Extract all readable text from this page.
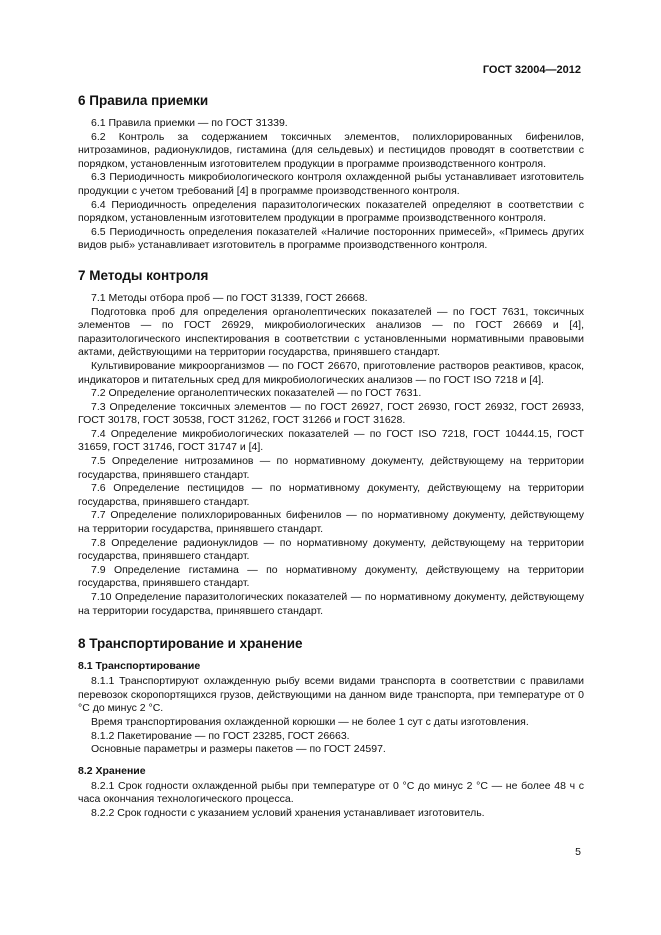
ГОСТ 32004—2012
6 Правила приемки

6.1 Правила приемки — по ГОСТ 31339.

6.2 Контроль за содержанием токсичных элементов, полихлорированных бифенилов, нитрозаминов, радионуклидов, гистамина (для сельдевых) и пестицидов проводят в соответствии с порядком, установленным изготовителем продукции в программе производственного контроля.

6.3 Периодичность микробиологического контроля охлажденной рыбы устанавливает изготовитель продукции с учетом требований [4] в программе производственного контроля.

6.4 Периодичность определения паразитологических показателей определяют в соответствии с порядком, установленным изготовителем продукции в программе производственного контроля.

6.5 Периодичность определения показателей «Наличие посторонних примесей», «Примесь других видов рыб» устанавливает изготовитель в программе производственного контроля.

7 Методы контроля

7.1 Методы отбора проб — по ГОСТ 31339, ГОСТ 26668.

Подготовка проб для определения органолептических показателей — по ГОСТ 7631, токсичных элементов — по ГОСТ 26929, микробиологических анализов — по ГОСТ 26669 и [4], паразитологического инспектирования в соответствии с установленными нормативными правовыми актами, действующими на территории государства, принявшего стандарт.

Культивирование микроорганизмов — по ГОСТ 26670, приготовление растворов реактивов, красок, индикаторов и питательных сред для микробиологических анализов — по ГОСТ ISO 7218 и [4].

7.2 Определение органолептических показателей — по ГОСТ 7631.

7.3 Определение токсичных элементов — по ГОСТ 26927, ГОСТ 26930, ГОСТ 26932, ГОСТ 26933, ГОСТ 30178, ГОСТ 30538, ГОСТ 31262, ГОСТ 31266 и ГОСТ 31628.

7.4 Определение микробиологических показателей — по ГОСТ ISO 7218, ГОСТ 10444.15, ГОСТ 31659, ГОСТ 31746, ГОСТ 31747 и [4].

7.5 Определение нитрозаминов — по нормативному документу, действующему на территории государства, принявшего стандарт.

7.6 Определение пестицидов — по нормативному документу, действующему на территории государства, принявшего стандарт.

7.7 Определение полихлорированных бифенилов — по нормативному документу, действующему на территории государства, принявшего стандарт.

7.8 Определение радионуклидов — по нормативному документу, действующему на территории государства, принявшего стандарт.

7.9 Определение гистамина — по нормативному документу, действующему на территории государства, принявшего стандарт.

7.10 Определение паразитологических показателей — по нормативному документу, действующему на территории государства, принявшего стандарт.

8 Транспортирование и хранение
8.1 Транспортирование

8.1.1 Транспортируют охлажденную рыбу всеми видами транспорта в соответствии с правилами перевозок скоропортящихся грузов, действующими на данном виде транспорта, при температуре от 0 °С до минус 2 °С.

Время транспортирования охлажденной корюшки — не более 1 сут с даты изготовления.

8.1.2 Пакетирование — по ГОСТ 23285, ГОСТ 26663.

Основные параметры и размеры пакетов — по ГОСТ 24597.

8.2 Хранение

8.2.1 Срок годности охлажденной рыбы при температуре от 0 °С до минус 2 °С — не более 48 ч с часа окончания технологического процесса.

8.2.2 Срок годности с указанием условий хранения устанавливает изготовитель.

5
